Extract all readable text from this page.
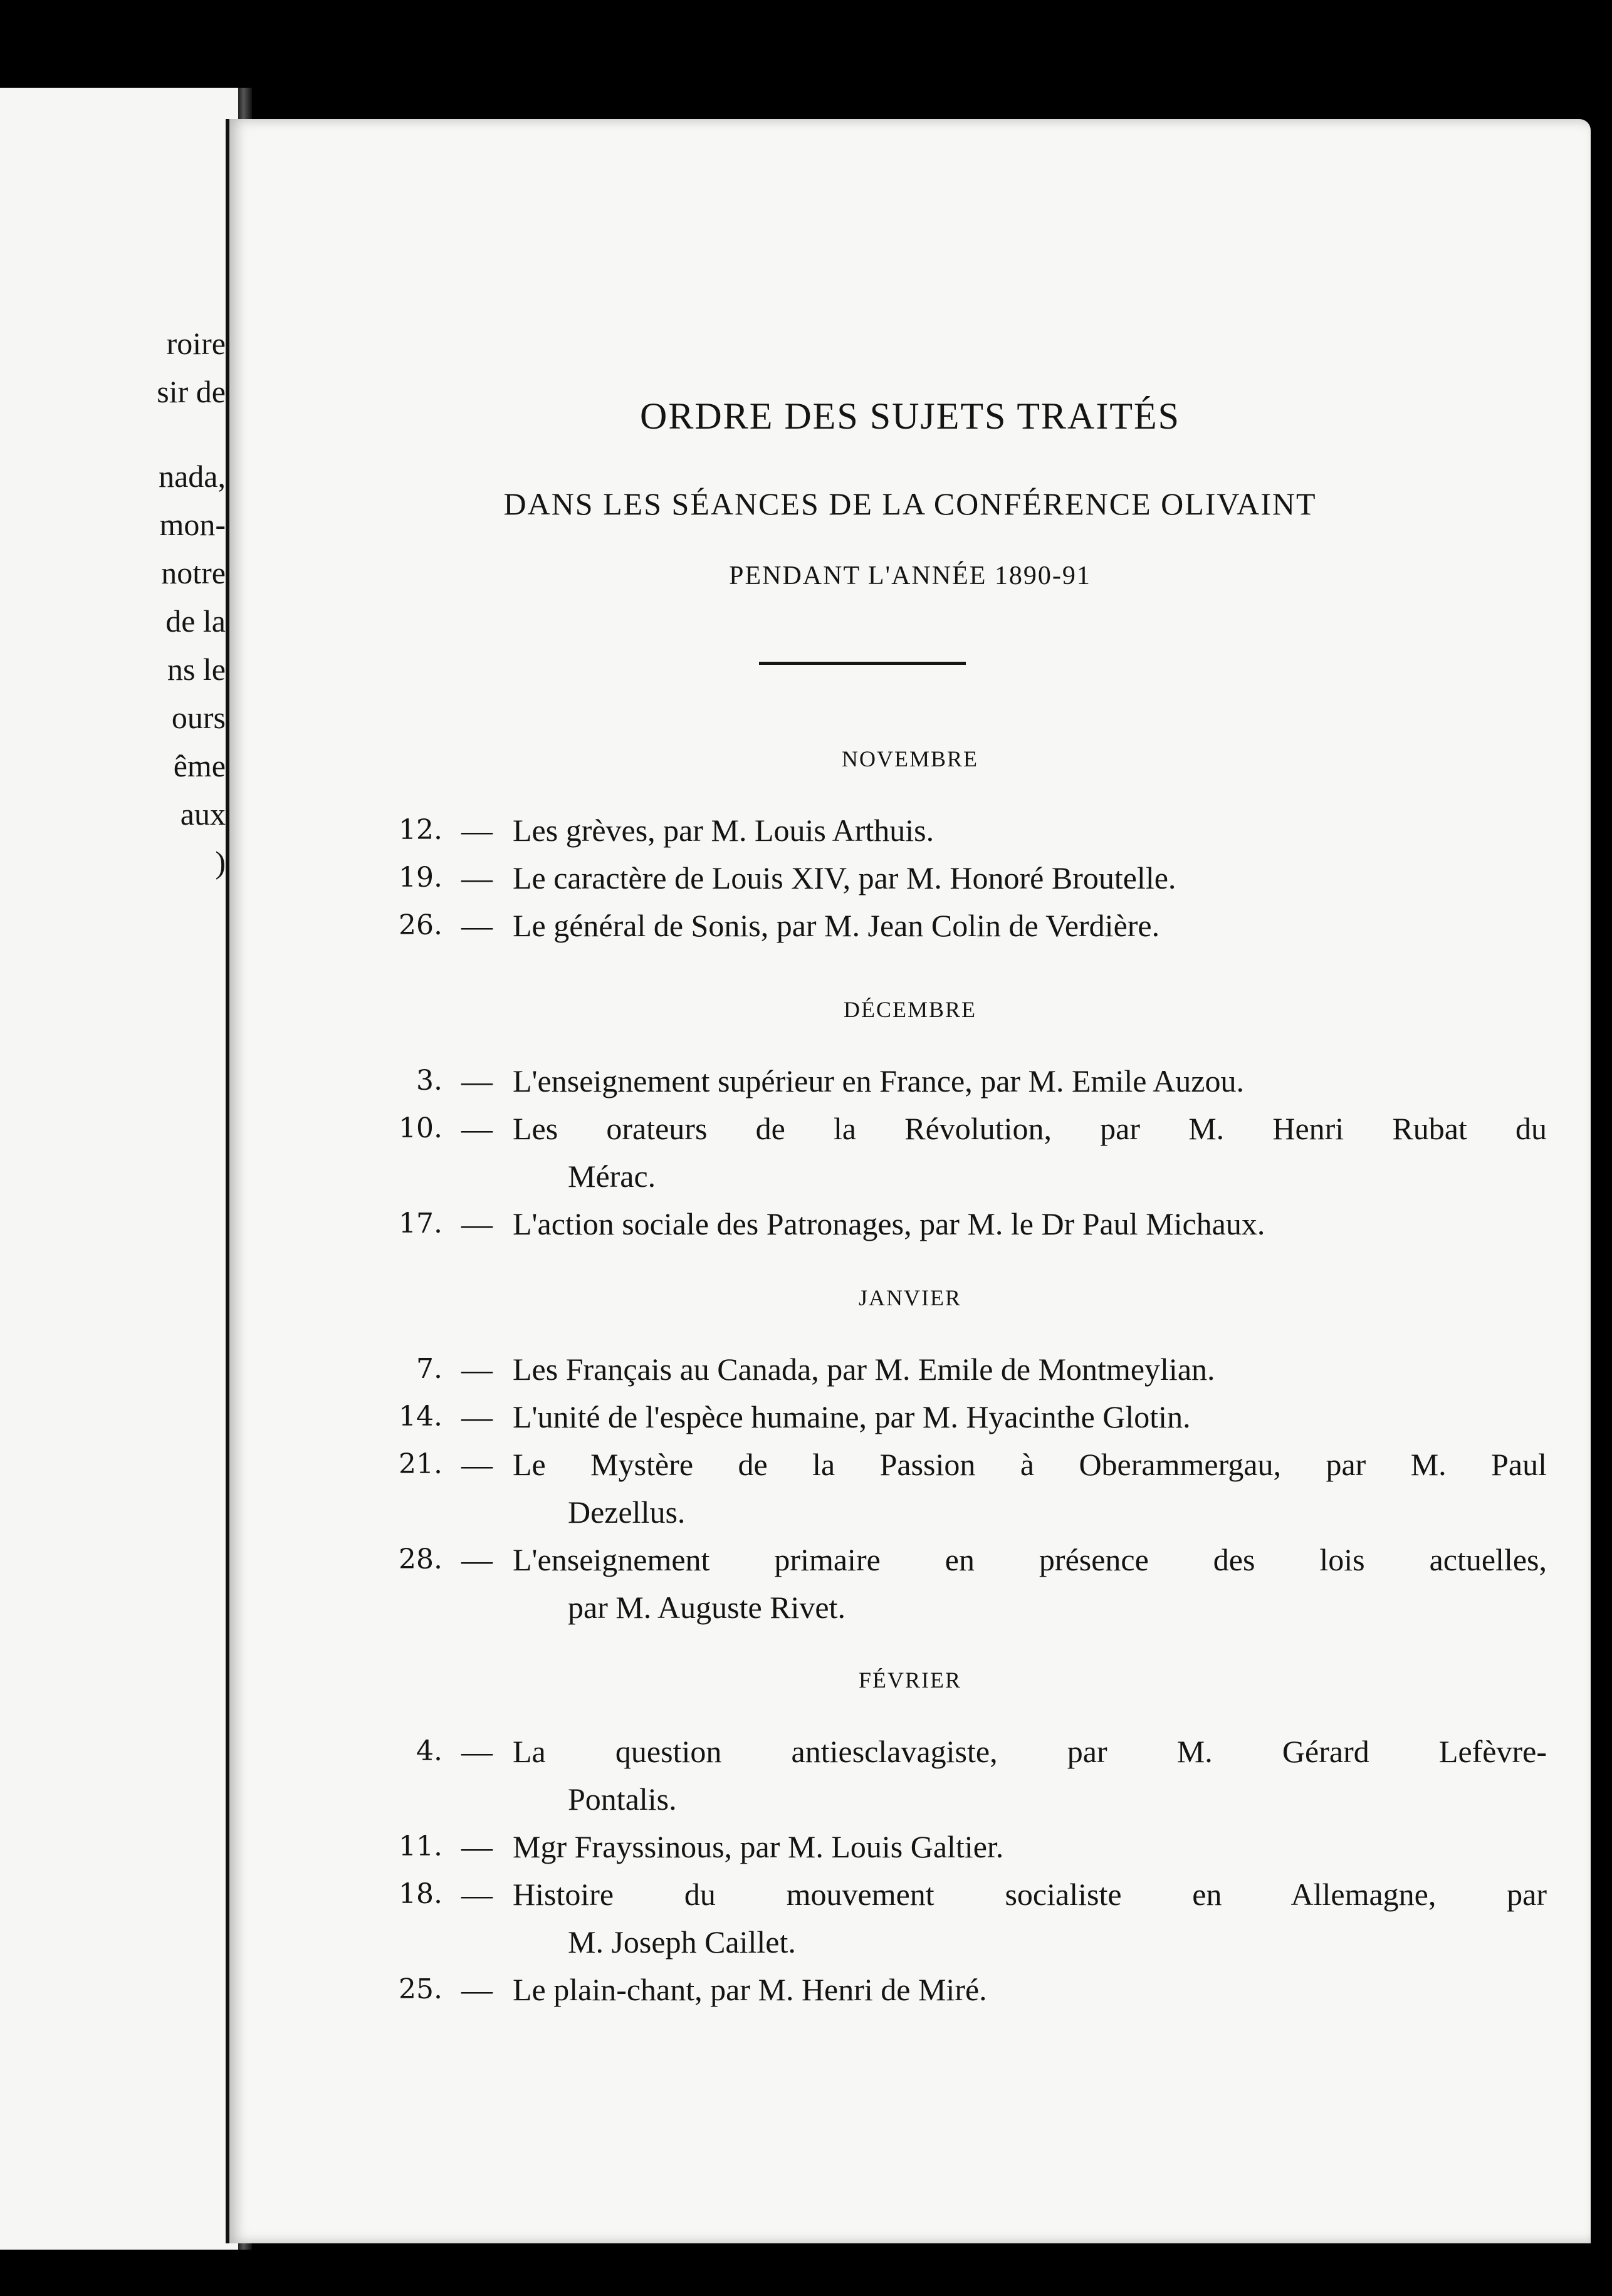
roire
sir de
nada,
mon-
notre
de la
ns le
ours
ême
aux
)
ORDRE DES SUJETS TRAITÉS
DANS LES SÉANCES DE LA CONFÉRENCE OLIVAINT
PENDANT L'ANNÉE 1890-91
NOVEMBRE
12. — Les grèves, par M. Louis Arthuis.
19. — Le caractère de Louis XIV, par M. Honoré Broutelle.
26. — Le général de Sonis, par M. Jean Colin de Verdière.
DÉCEMBRE
3. — L'enseignement supérieur en France, par M. Emile Auzou.
10. — Les orateurs de la Révolution, par M. Henri Rubat du
Mérac.
17. — L'action sociale des Patronages, par M. le Dr Paul Michaux.
JANVIER
7. — Les Français au Canada, par M. Emile de Montmeylian.
14. — L'unité de l'espèce humaine, par M. Hyacinthe Glotin.
21. — Le Mystère de la Passion à Oberammergau, par M. Paul
Dezellus.
28. — L'enseignement primaire en présence des lois actuelles,
par M. Auguste Rivet.
FÉVRIER
4. — La question antiesclavagiste, par M. Gérard Lefèvre-
Pontalis.
11. — Mgr Frayssinous, par M. Louis Galtier.
18. — Histoire du mouvement socialiste en Allemagne, par
M. Joseph Caillet.
25. — Le plain-chant, par M. Henri de Miré.
